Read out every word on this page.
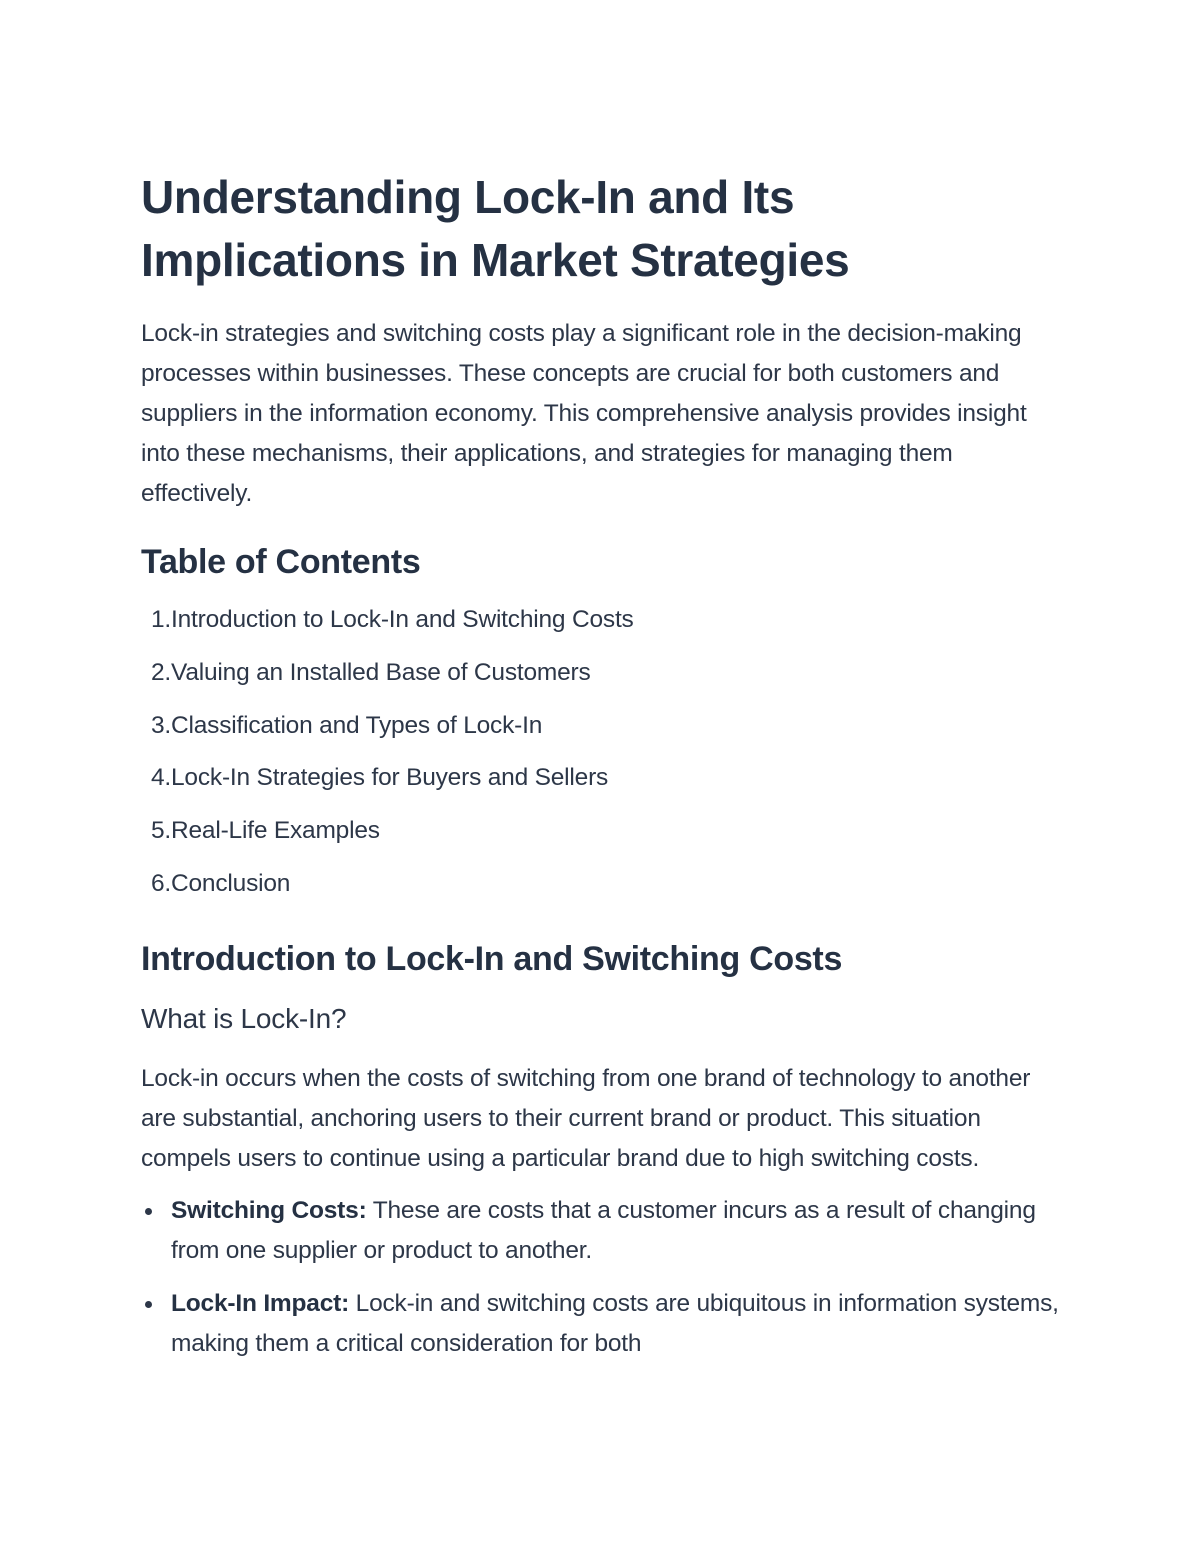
Understanding Lock-In and Its Implications in Market Strategies

Lock-in strategies and switching costs play a significant role in the decision-making processes within businesses. These concepts are crucial for both customers and suppliers in the information economy. This comprehensive analysis provides insight into these mechanisms, their applications, and strategies for managing them effectively.

Table of Contents
1. Introduction to Lock-In and Switching Costs
2. Valuing an Installed Base of Customers
3. Classification and Types of Lock-In
4. Lock-In Strategies for Buyers and Sellers
5. Real-Life Examples
6. Conclusion
Introduction to Lock-In and Switching Costs
What is Lock-In?

Lock-in occurs when the costs of switching from one brand of technology to another are substantial, anchoring users to their current brand or product. This situation compels users to continue using a particular brand due to high switching costs.

Switching Costs: These are costs that a customer incurs as a result of changing from one supplier or product to another.
Lock-In Impact: Lock-in and switching costs are ubiquitous in information systems, making them a critical consideration for both
